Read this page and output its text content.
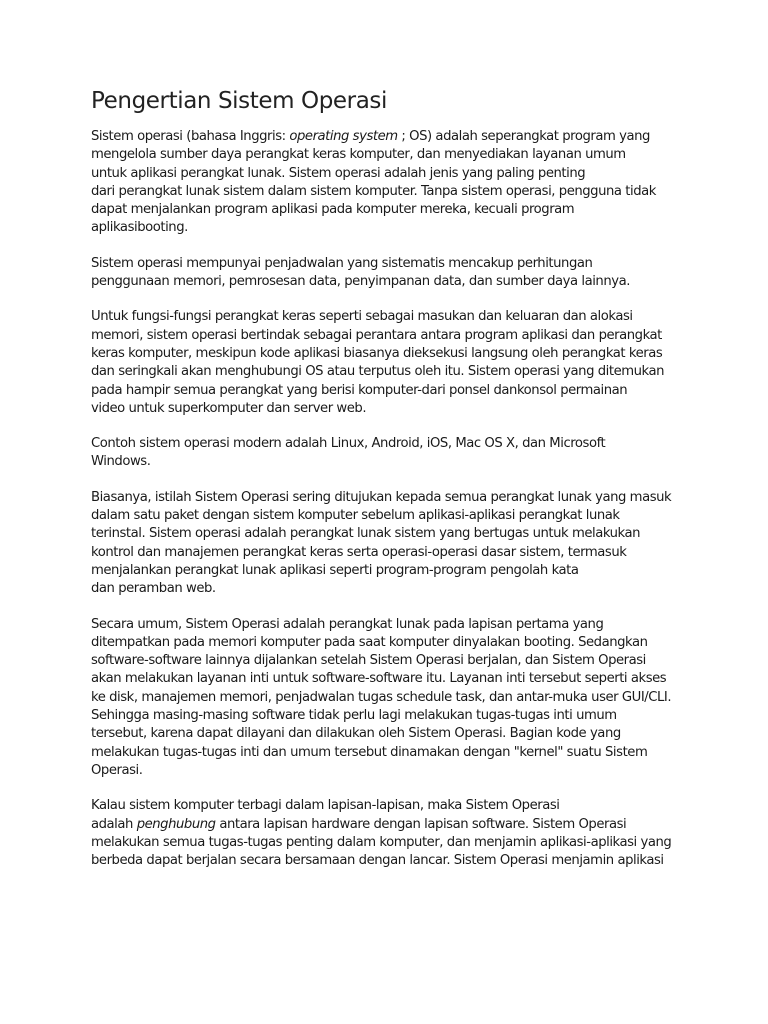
Pengertian Sistem Operasi
Sistem operasi (bahasa Inggris: operating system ; OS) adalah seperangkat program yang
mengelola sumber daya perangkat keras komputer, dan menyediakan layanan umum
untuk aplikasi perangkat lunak. Sistem operasi adalah jenis yang paling penting
dari perangkat lunak sistem dalam sistem komputer. Tanpa sistem operasi, pengguna tidak
dapat menjalankan program aplikasi pada komputer mereka, kecuali program
aplikasibooting.
Sistem operasi mempunyai penjadwalan yang sistematis mencakup perhitungan
penggunaan memori, pemrosesan data, penyimpanan data, dan sumber daya lainnya.
Untuk fungsi-fungsi perangkat keras seperti sebagai masukan dan keluaran dan alokasi
memori, sistem operasi bertindak sebagai perantara antara program aplikasi dan perangkat
keras komputer, meskipun kode aplikasi biasanya dieksekusi langsung oleh perangkat keras
dan seringkali akan menghubungi OS atau terputus oleh itu. Sistem operasi yang ditemukan
pada hampir semua perangkat yang berisi komputer-dari ponsel dankonsol permainan
video untuk superkomputer dan server web.
Contoh sistem operasi modern adalah Linux, Android, iOS, Mac OS X, dan Microsoft
Windows.
Biasanya, istilah Sistem Operasi sering ditujukan kepada semua perangkat lunak yang masuk
dalam satu paket dengan sistem komputer sebelum aplikasi-aplikasi perangkat lunak
terinstal. Sistem operasi adalah perangkat lunak sistem yang bertugas untuk melakukan
kontrol dan manajemen perangkat keras serta operasi-operasi dasar sistem, termasuk
menjalankan perangkat lunak aplikasi seperti program-program pengolah kata
dan peramban web.
Secara umum, Sistem Operasi adalah perangkat lunak pada lapisan pertama yang
ditempatkan pada memori komputer pada saat komputer dinyalakan booting. Sedangkan
software-software lainnya dijalankan setelah Sistem Operasi berjalan, dan Sistem Operasi
akan melakukan layanan inti untuk software-software itu. Layanan inti tersebut seperti akses
ke disk, manajemen memori, penjadwalan tugas schedule task, dan antar-muka user GUI/CLI.
Sehingga masing-masing software tidak perlu lagi melakukan tugas-tugas inti umum
tersebut, karena dapat dilayani dan dilakukan oleh Sistem Operasi. Bagian kode yang
melakukan tugas-tugas inti dan umum tersebut dinamakan dengan "kernel" suatu Sistem
Operasi.
Kalau sistem komputer terbagi dalam lapisan-lapisan, maka Sistem Operasi
adalah penghubung antara lapisan hardware dengan lapisan software. Sistem Operasi
melakukan semua tugas-tugas penting dalam komputer, dan menjamin aplikasi-aplikasi yang
berbeda dapat berjalan secara bersamaan dengan lancar. Sistem Operasi menjamin aplikasi
